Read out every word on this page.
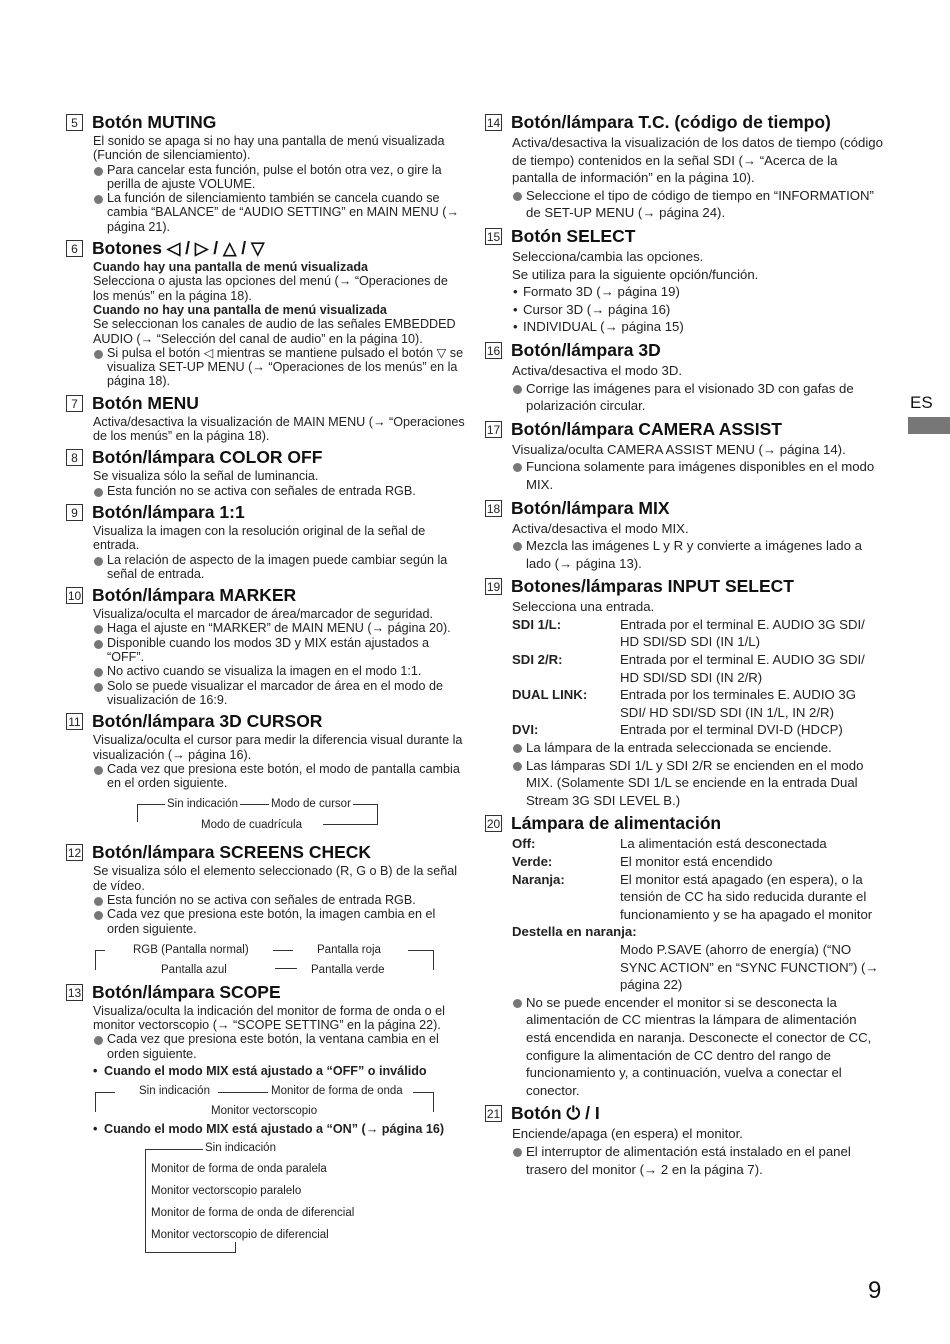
ES
9
5 Botón MUTING
El sonido se apaga si no hay una pantalla de menú visualizada (Función de silenciamiento).
Para cancelar esta función, pulse el botón otra vez, o gire la perilla de ajuste VOLUME.
La función de silenciamiento también se cancela cuando se cambia “BALANCE” de “AUDIO SETTING” en MAIN MENU (→ página 21).
6 Botones ◁ / ▷ / △ / ▽
Cuando hay una pantalla de menú visualizada
Selecciona o ajusta las opciones del menú (→ “Operaciones de los menús” en la página 18).
Cuando no hay una pantalla de menú visualizada
Se seleccionan los canales de audio de las señales EMBEDDED AUDIO (→ “Selección del canal de audio” en la página 10).
Si pulsa el botón ◁ mientras se mantiene pulsado el botón ▽ se visualiza SET-UP MENU (→ “Operaciones de los menús” en la página 18).
7 Botón MENU
Activa/desactiva la visualización de MAIN MENU (→ “Operaciones de los menús” en la página 18).
8 Botón/lámpara COLOR OFF
Se visualiza sólo la señal de luminancia.
Esta función no se activa con señales de entrada RGB.
9 Botón/lámpara 1:1
Visualiza la imagen con la resolución original de la señal de entrada.
La relación de aspecto de la imagen puede cambiar según la señal de entrada.
10 Botón/lámpara MARKER
Visualiza/oculta el marcador de área/marcador de seguridad.
Haga el ajuste en “MARKER” de MAIN MENU (→ página 20).
Disponible cuando los modos 3D y MIX están ajustados a “OFF”.
No activo cuando se visualiza la imagen en el modo 1:1.
Solo se puede visualizar el marcador de área en el modo de visualización de 16:9.
11 Botón/lámpara 3D CURSOR
Visualiza/oculta el cursor para medir la diferencia visual durante la visualización (→ página 16).
Cada vez que presiona este botón, el modo de pantalla cambia en el orden siguiente.
Sin indicación	Modo de cursor
Modo de cuadrícula
12 Botón/lámpara SCREENS CHECK
Se visualiza sólo el elemento seleccionado (R, G o B) de la señal de vídeo.
Esta función no se activa con señales de entrada RGB.
Cada vez que presiona este botón, la imagen cambia en el orden siguiente.
RGB (Pantalla normal)	Pantalla roja
Pantalla azul	Pantalla verde
13 Botón/lámpara SCOPE
Visualiza/oculta la indicación del monitor de forma de onda o el monitor vectorscopio (→ “SCOPE SETTING” en la página 22).
Cada vez que presiona este botón, la ventana cambia en el orden siguiente.
• Cuando el modo MIX está ajustado a “OFF” o inválido
Sin indicación	Monitor de forma de onda
Monitor vectorscopio
• Cuando el modo MIX está ajustado a “ON” (→ página 16)
Sin indicación
Monitor de forma de onda paralela
Monitor vectorscopio paralelo
Monitor de forma de onda de diferencial
Monitor vectorscopio de diferencial
14 Botón/lámpara T.C. (código de tiempo)
Activa/desactiva la visualización de los datos de tiempo (código de tiempo) contenidos en la señal SDI (→ “Acerca de la pantalla de información” en la página 10).
Seleccione el tipo de código de tiempo en “INFORMATION” de SET-UP MENU (→ página 24).
15 Botón SELECT
Selecciona/cambia las opciones.
Se utiliza para la siguiente opción/función.
• Formato 3D (→ página 19)
• Cursor 3D (→ página 16)
• INDIVIDUAL (→ página 15)
16 Botón/lámpara 3D
Activa/desactiva el modo 3D.
Corrige las imágenes para el visionado 3D con gafas de polarización circular.
17 Botón/lámpara CAMERA ASSIST
Visualiza/oculta CAMERA ASSIST MENU (→ página 14).
Funciona solamente para imágenes disponibles en el modo MIX.
18 Botón/lámpara MIX
Activa/desactiva el modo MIX.
Mezcla las imágenes L y R y convierte a imágenes lado a lado (→ página 13).
19 Botones/lámparas INPUT SELECT
Selecciona una entrada.
SDI 1/L:	Entrada por el terminal E. AUDIO 3G SDI/ HD SDI/SD SDI (IN 1/L)
SDI 2/R:	Entrada por el terminal E. AUDIO 3G SDI/ HD SDI/SD SDI (IN 2/R)
DUAL LINK:	Entrada por los terminales E. AUDIO 3G SDI/ HD SDI/SD SDI (IN 1/L, IN 2/R)
DVI:	Entrada por el terminal DVI-D (HDCP)
La lámpara de la entrada seleccionada se enciende.
Las lámparas SDI 1/L y SDI 2/R se encienden en el modo MIX. (Solamente SDI 1/L se enciende en la entrada Dual Stream 3G SDI LEVEL B.)
20 Lámpara de alimentación
Off:	La alimentación está desconectada
Verde:	El monitor está encendido
Naranja:	El monitor está apagado (en espera), o la tensión de CC ha sido reducida durante el funcionamiento y se ha apagado el monitor
Destella en naranja:
Modo P.SAVE (ahorro de energía) (“NO SYNC ACTION” en “SYNC FUNCTION”) (→ página 22)
No se puede encender el monitor si se desconecta la alimentación de CC mientras la lámpara de alimentación está encendida en naranja. Desconecte el conector de CC, configure la alimentación de CC dentro del rango de funcionamiento y, a continuación, vuelva a conectar el conector.
21 Botón ⏻ / I
Enciende/apaga (en espera) el monitor.
El interruptor de alimentación está instalado en el panel trasero del monitor (→ 2 en la página 7).
